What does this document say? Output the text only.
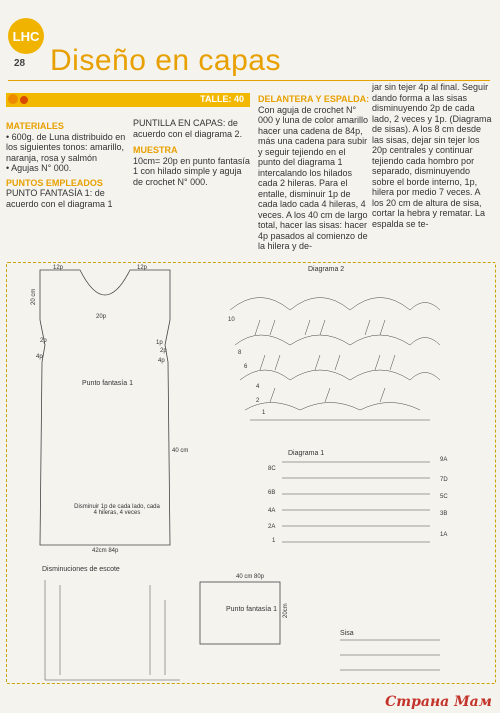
LHC
28 Diseño en capas
TALLE: 40

MATERIALES

• 600g. de Luna distribuido en los siguientes tonos: amarillo, naranja, rosa y salmón

• Agujas N° 000.

PUNTOS EMPLEADOS

PUNTO FANTASÍA 1: de acuerdo con el diagrama 1

PUNTILLA EN CAPAS: de acuerdo con el diagrama 2.

MUESTRA

10cm= 20p en punto fantasía 1 con hilado simple y aguja de crochet N° 000.

DELANTERA Y ESPALDA: Con aguja de crochet N° 000 y luna de color amarillo hacer una cadena de 84p, más una cadena para subir y seguir tejiendo en el punto del diagrama 1 intercalando los hilados cada 2 hileras. Para el entalle, disminuir 1p de cada lado cada 4 hileras, 4 veces. A los 40 cm de largo total, hacer las sisas: hacer 4p pasados al comienzo de la hilera y de-

jar sin tejer 4p al final. Seguir dando forma a las sisas disminuyendo 2p de cada lado, 2 veces y 1p. (Diagrama de sisas). A los 8 cm desde las sisas, dejar sin tejer los 20p centrales y continuar tejiendo cada hombro por separado, disminuyendo sobre el borde interno, 1p, hilera por medio 7 veces. A los 20 cm de altura de sisa, cortar la hebra y rematar. La espalda se te-

12p	12p
20p
20 cm
2p
4p
1p
2p
4p
Punto fantasía 1
40 cm
Disminuir 1p de cada lado, cada 4 hileras, 4 veces
42cm 84p
Diagrama 2
10
8
6
4
2
1
Diagrama 1
8C
6B
4A
2A
1
9A
7D
5C
3B
1A
Disminuciones de escote
40 cm 80p
Punto fantasía 1 20cm
Sisa
Страна Мам
